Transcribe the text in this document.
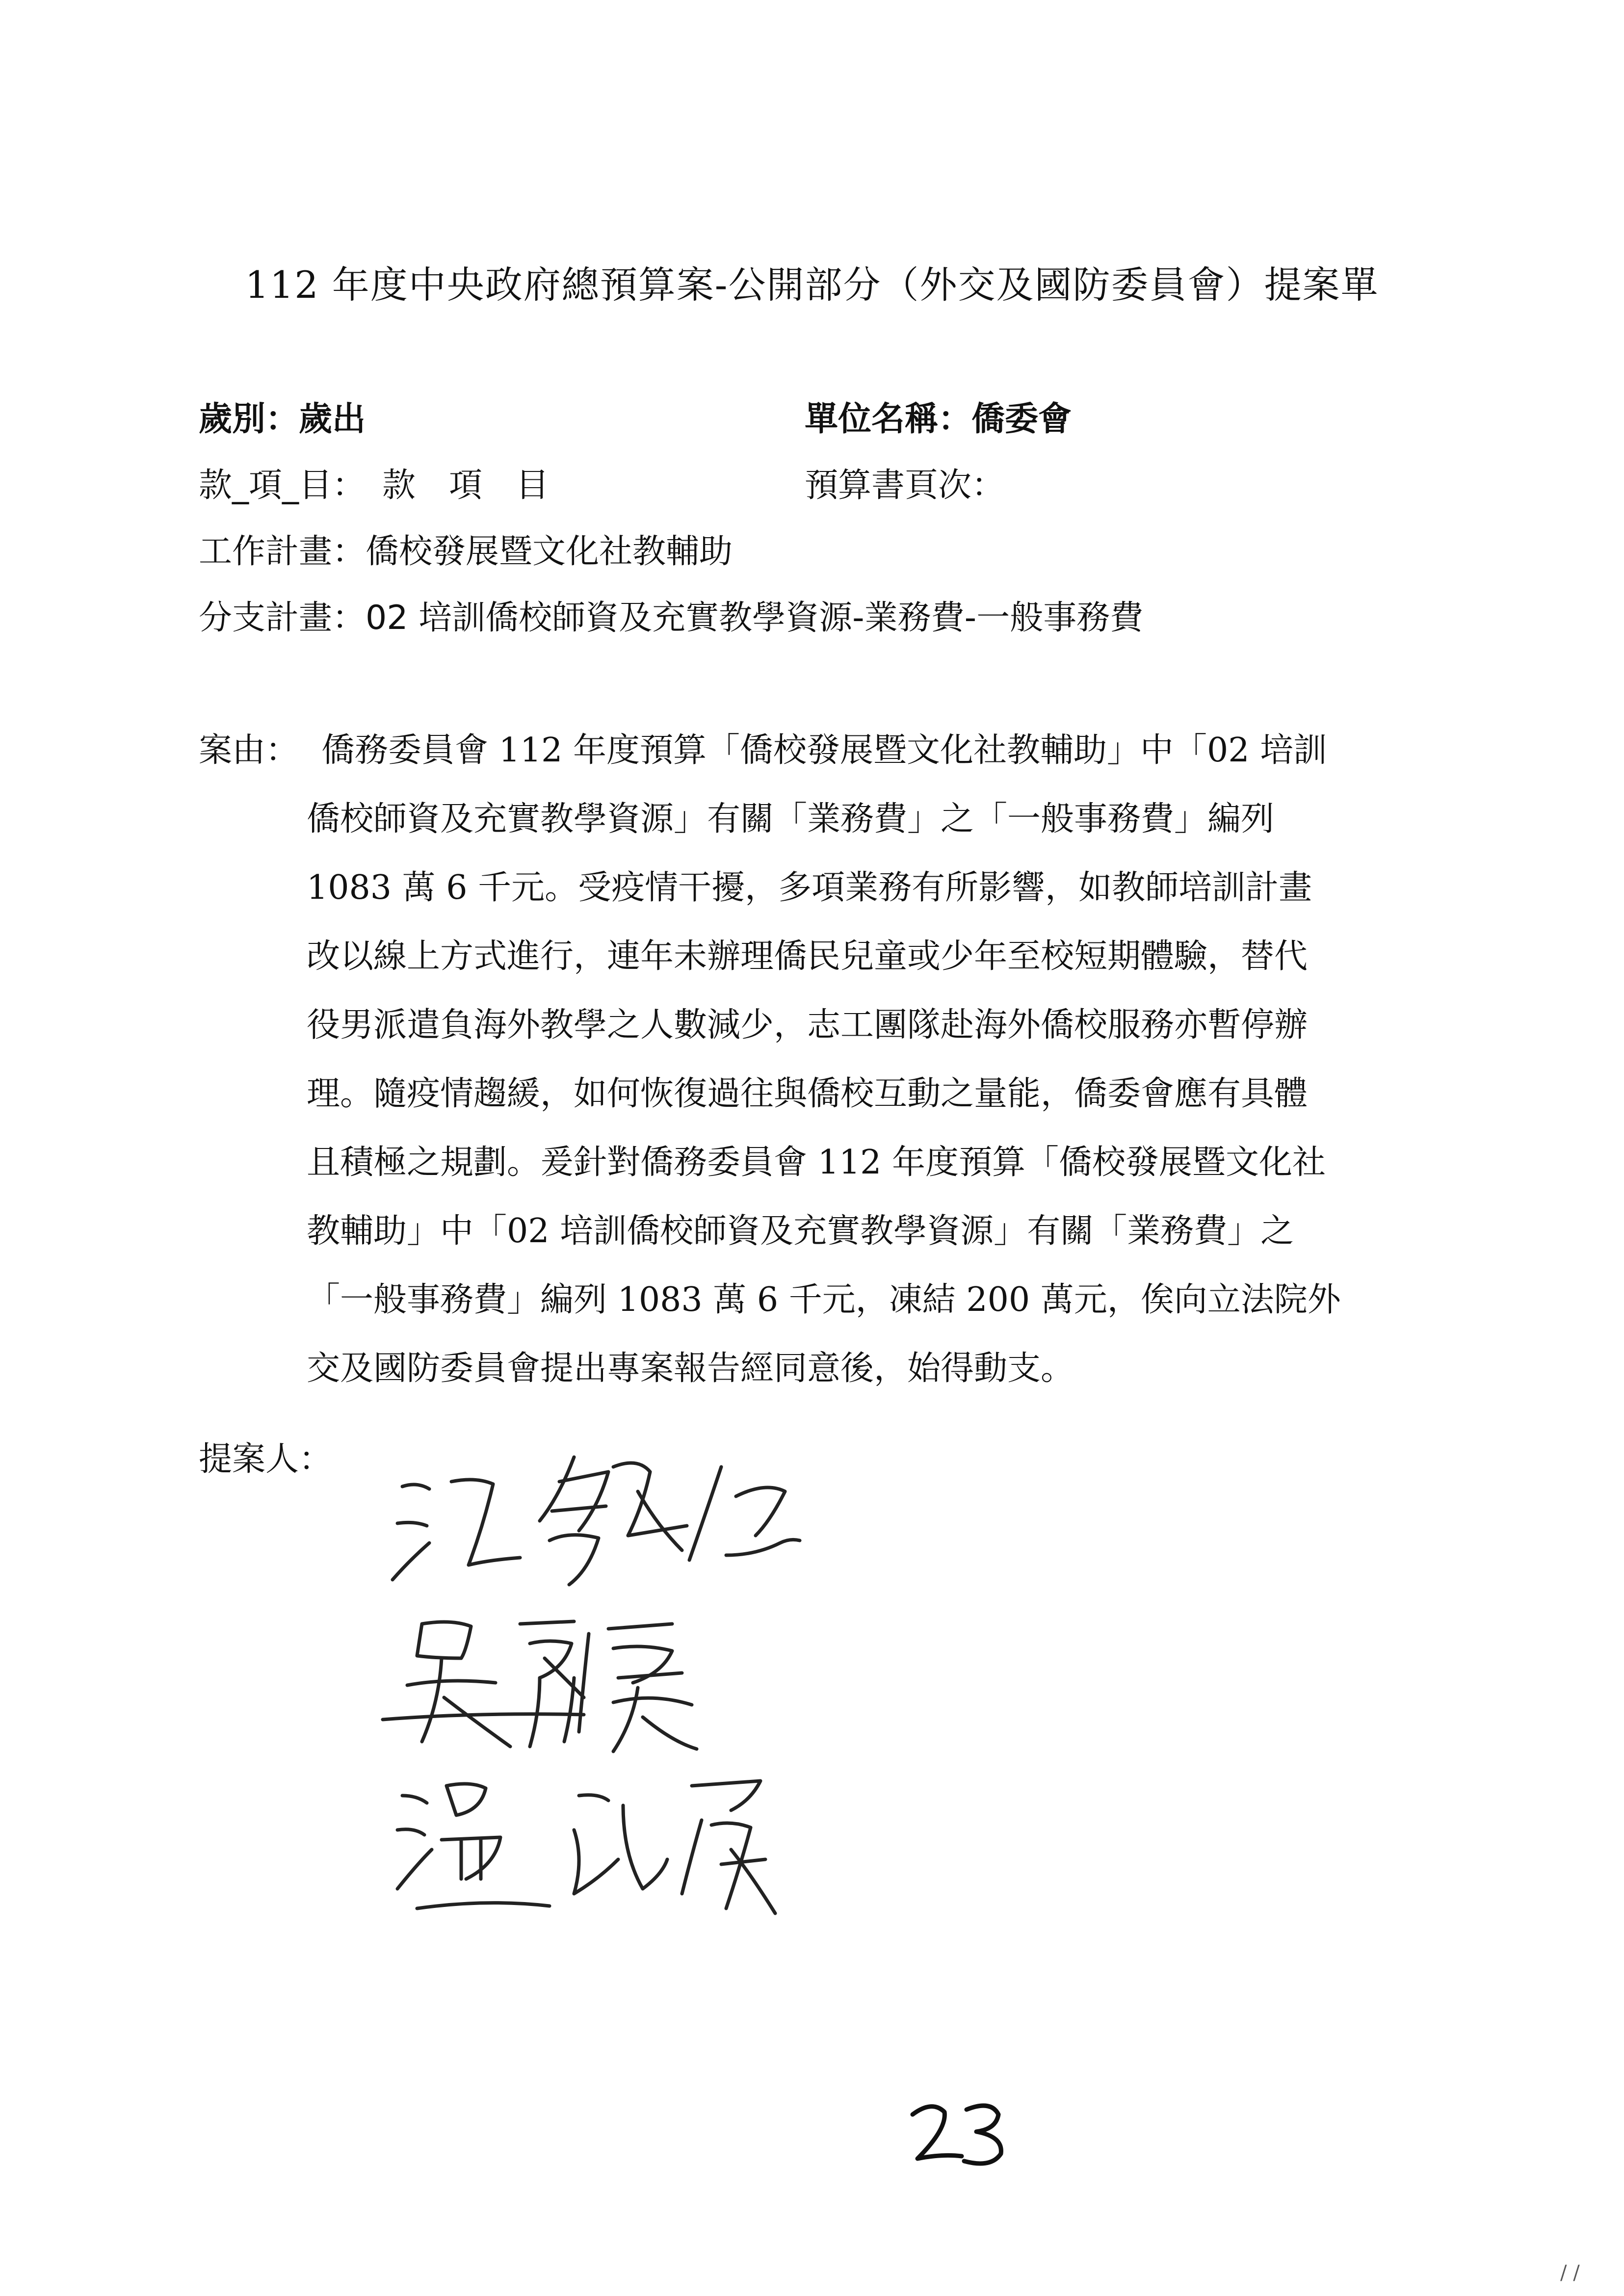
112 年度中央政府總預算案-公開部分（外交及國防委員會）提案單
歲別：歲出	單位名稱：僑委會
款_項_目：　款　項　目	預算書頁次：
工作計畫：僑校發展暨文化社教輔助
分支計畫：02 培訓僑校師資及充實教學資源-業務費-一般事務費
案由： 僑務委員會 112 年度預算「僑校發展暨文化社教輔助」中「02 培訓
僑校師資及充實教學資源」有關「業務費」之「一般事務費」編列
1083 萬 6 千元。受疫情干擾，多項業務有所影響，如教師培訓計畫
改以線上方式進行，連年未辦理僑民兒童或少年至校短期體驗，替代
役男派遣負海外教學之人數減少，志工團隊赴海外僑校服務亦暫停辦
理。隨疫情趨緩，如何恢復過往與僑校互動之量能，僑委會應有具體
且積極之規劃。爰針對僑務委員會 112 年度預算「僑校發展暨文化社
教輔助」中「02 培訓僑校師資及充實教學資源」有關「業務費」之
「一般事務費」編列 1083 萬 6 千元，凍結 200 萬元，俟向立法院外
交及國防委員會提出專案報告經同意後，始得動支。
提案人：
/ /
